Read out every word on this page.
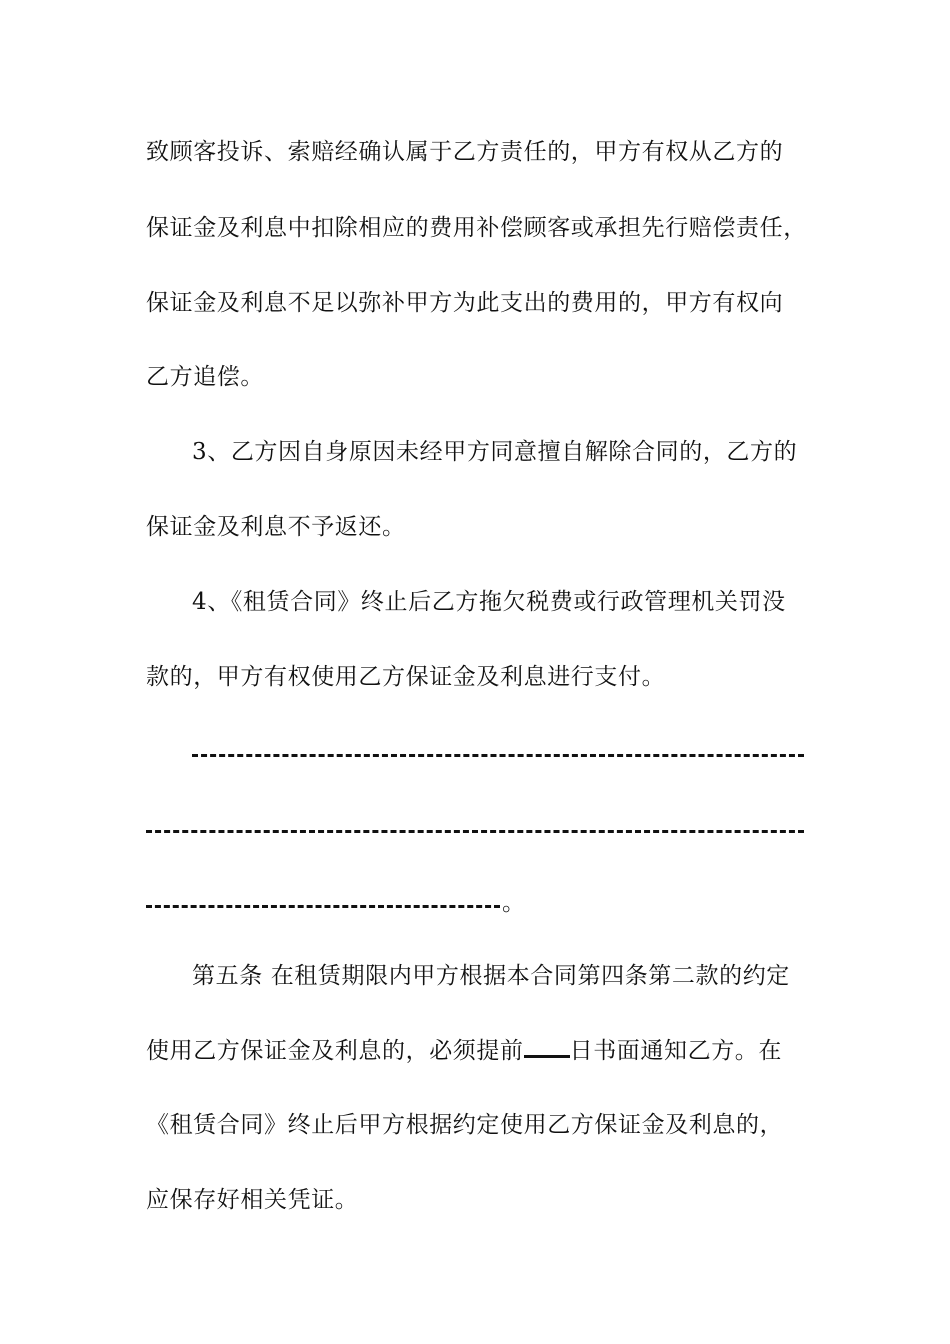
致顾客投诉、索赔经确认属于乙方责任的，甲方有权从乙方的
保证金及利息中扣除相应的费用补偿顾客或承担先行赔偿责任，
保证金及利息不足以弥补甲方为此支出的费用的，甲方有权向
乙方追偿。
3、乙方因自身原因未经甲方同意擅自解除合同的，乙方的
保证金及利息不予返还。
4、《租赁合同》终止后乙方拖欠税费或行政管理机关罚没
款的，甲方有权使用乙方保证金及利息进行支付。
。
第五条 在租赁期限内甲方根据本合同第四条第二款的约定
使用乙方保证金及利息的，必须提前 日书面通知乙方。在
《租赁合同》终止后甲方根据约定使用乙方保证金及利息的，
应保存好相关凭证。
